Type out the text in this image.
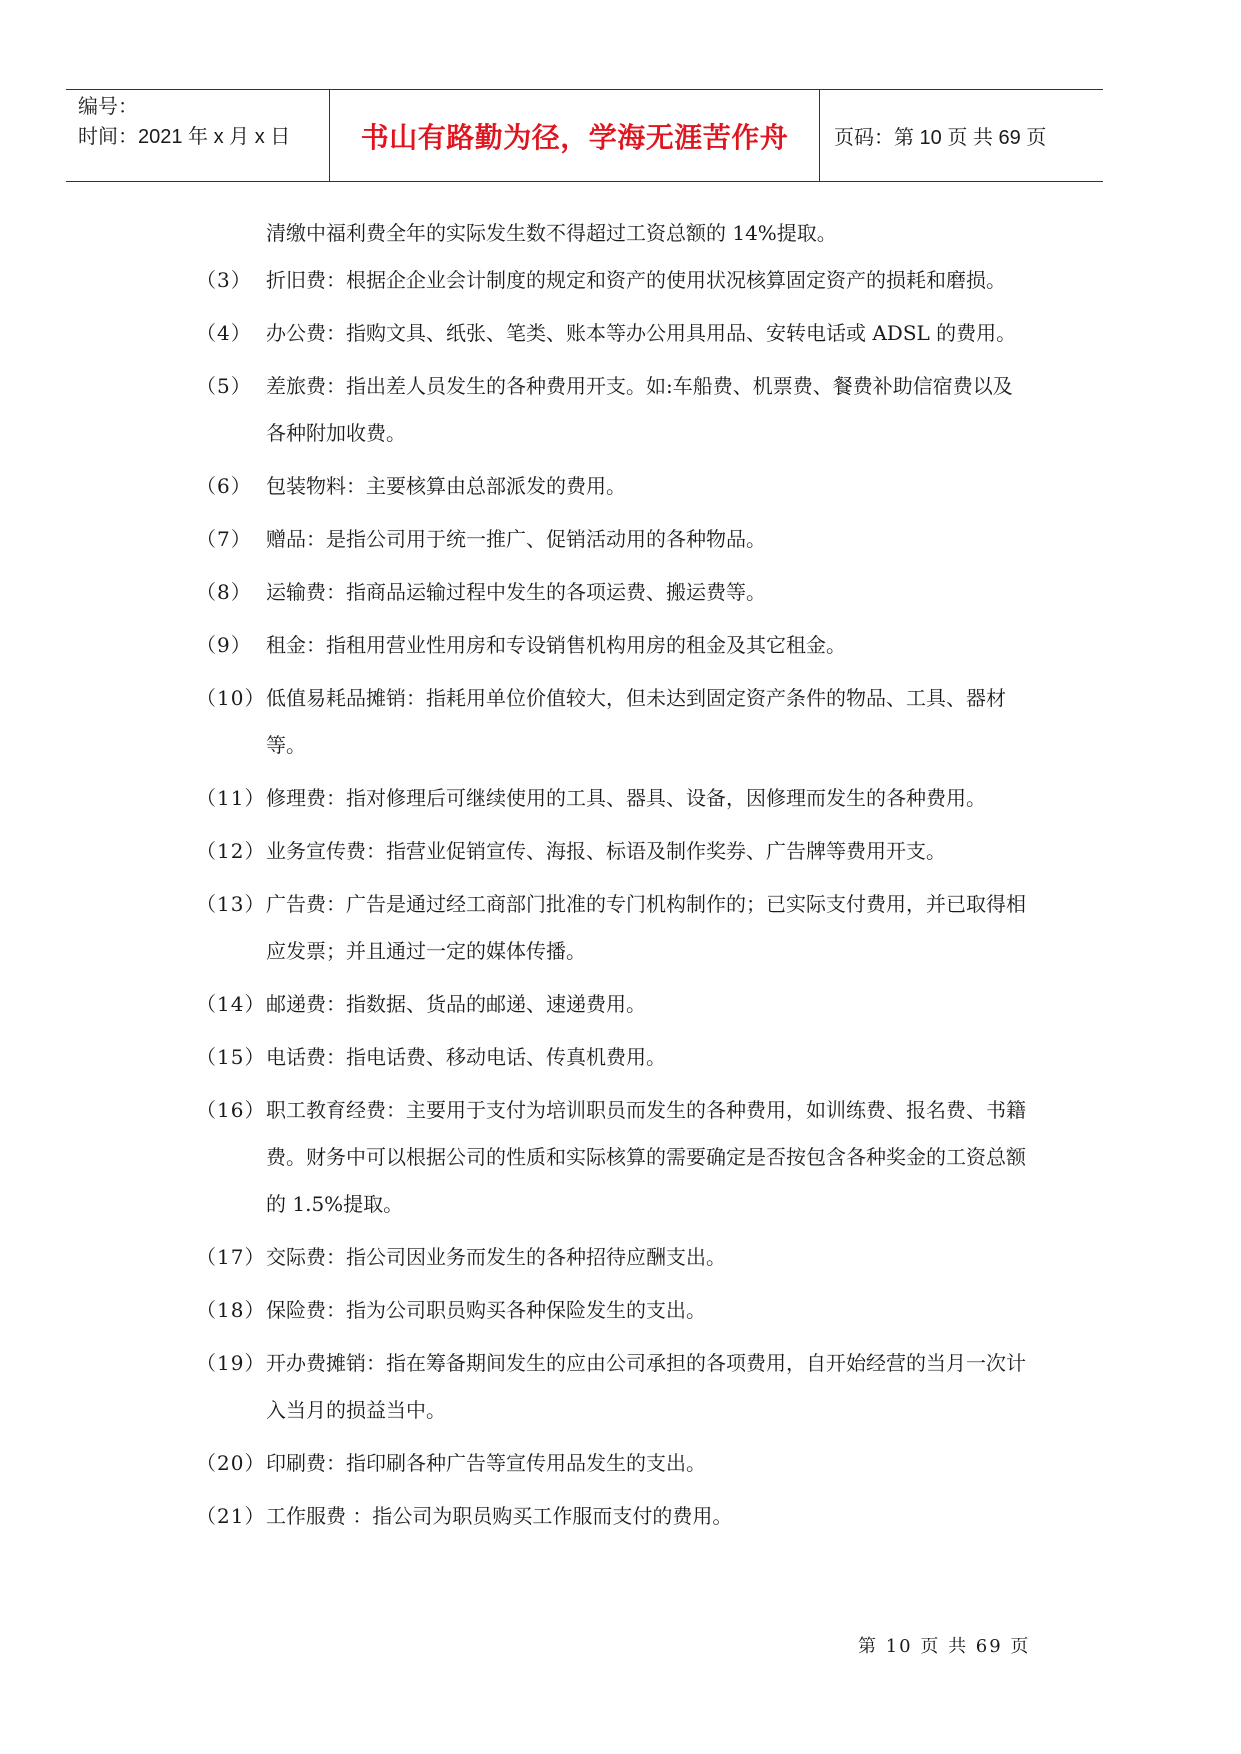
编号：
时间：2021 年 x 月 x 日	书山有路勤为径，学海无涯苦作舟 页码：第 10 页 共 69 页
清缴中福利费全年的实际发生数不得超过工资总额的 14%提取。
（3） 折旧费：根据企企业会计制度的规定和资产的使用状况核算固定资产的损耗和磨损。
（4） 办公费：指购文具、纸张、笔类、账本等办公用具用品、安转电话或 ADSL 的费用。
（5） 差旅费：指出差人员发生的各种费用开支。如:车船费、机票费、餐费补助信宿费以及各种附加收费。
（6） 包装物料：主要核算由总部派发的费用。
（7） 赠品：是指公司用于统一推广、促销活动用的各种物品。
（8） 运输费：指商品运输过程中发生的各项运费、搬运费等。
（9） 租金：指租用营业性用房和专设销售机构用房的租金及其它租金。
（10） 低值易耗品摊销：指耗用单位价值较大，但未达到固定资产条件的物品、工具、器材等。
（11） 修理费：指对修理后可继续使用的工具、器具、设备，因修理而发生的各种费用。
（12） 业务宣传费：指营业促销宣传、海报、标语及制作奖券、广告牌等费用开支。
（13） 广告费：广告是通过经工商部门批准的专门机构制作的；已实际支付费用，并已取得相应发票；并且通过一定的媒体传播。
（14） 邮递费：指数据、货品的邮递、速递费用。
（15） 电话费：指电话费、移动电话、传真机费用。
（16） 职工教育经费：主要用于支付为培训职员而发生的各种费用，如训练费、报名费、书籍费。财务中可以根据公司的性质和实际核算的需要确定是否按包含各种奖金的工资总额的 1.5%提取。
（17） 交际费：指公司因业务而发生的各种招待应酬支出。
（18） 保险费：指为公司职员购买各种保险发生的支出。
（19） 开办费摊销：指在筹备期间发生的应由公司承担的各项费用，自开始经营的当月一次计入当月的损益当中。
（20） 印刷费：指印刷各种广告等宣传用品发生的支出。
（21） 工作服费 ：指公司为职员购买工作服而支付的费用。
第 10 页 共 69 页
